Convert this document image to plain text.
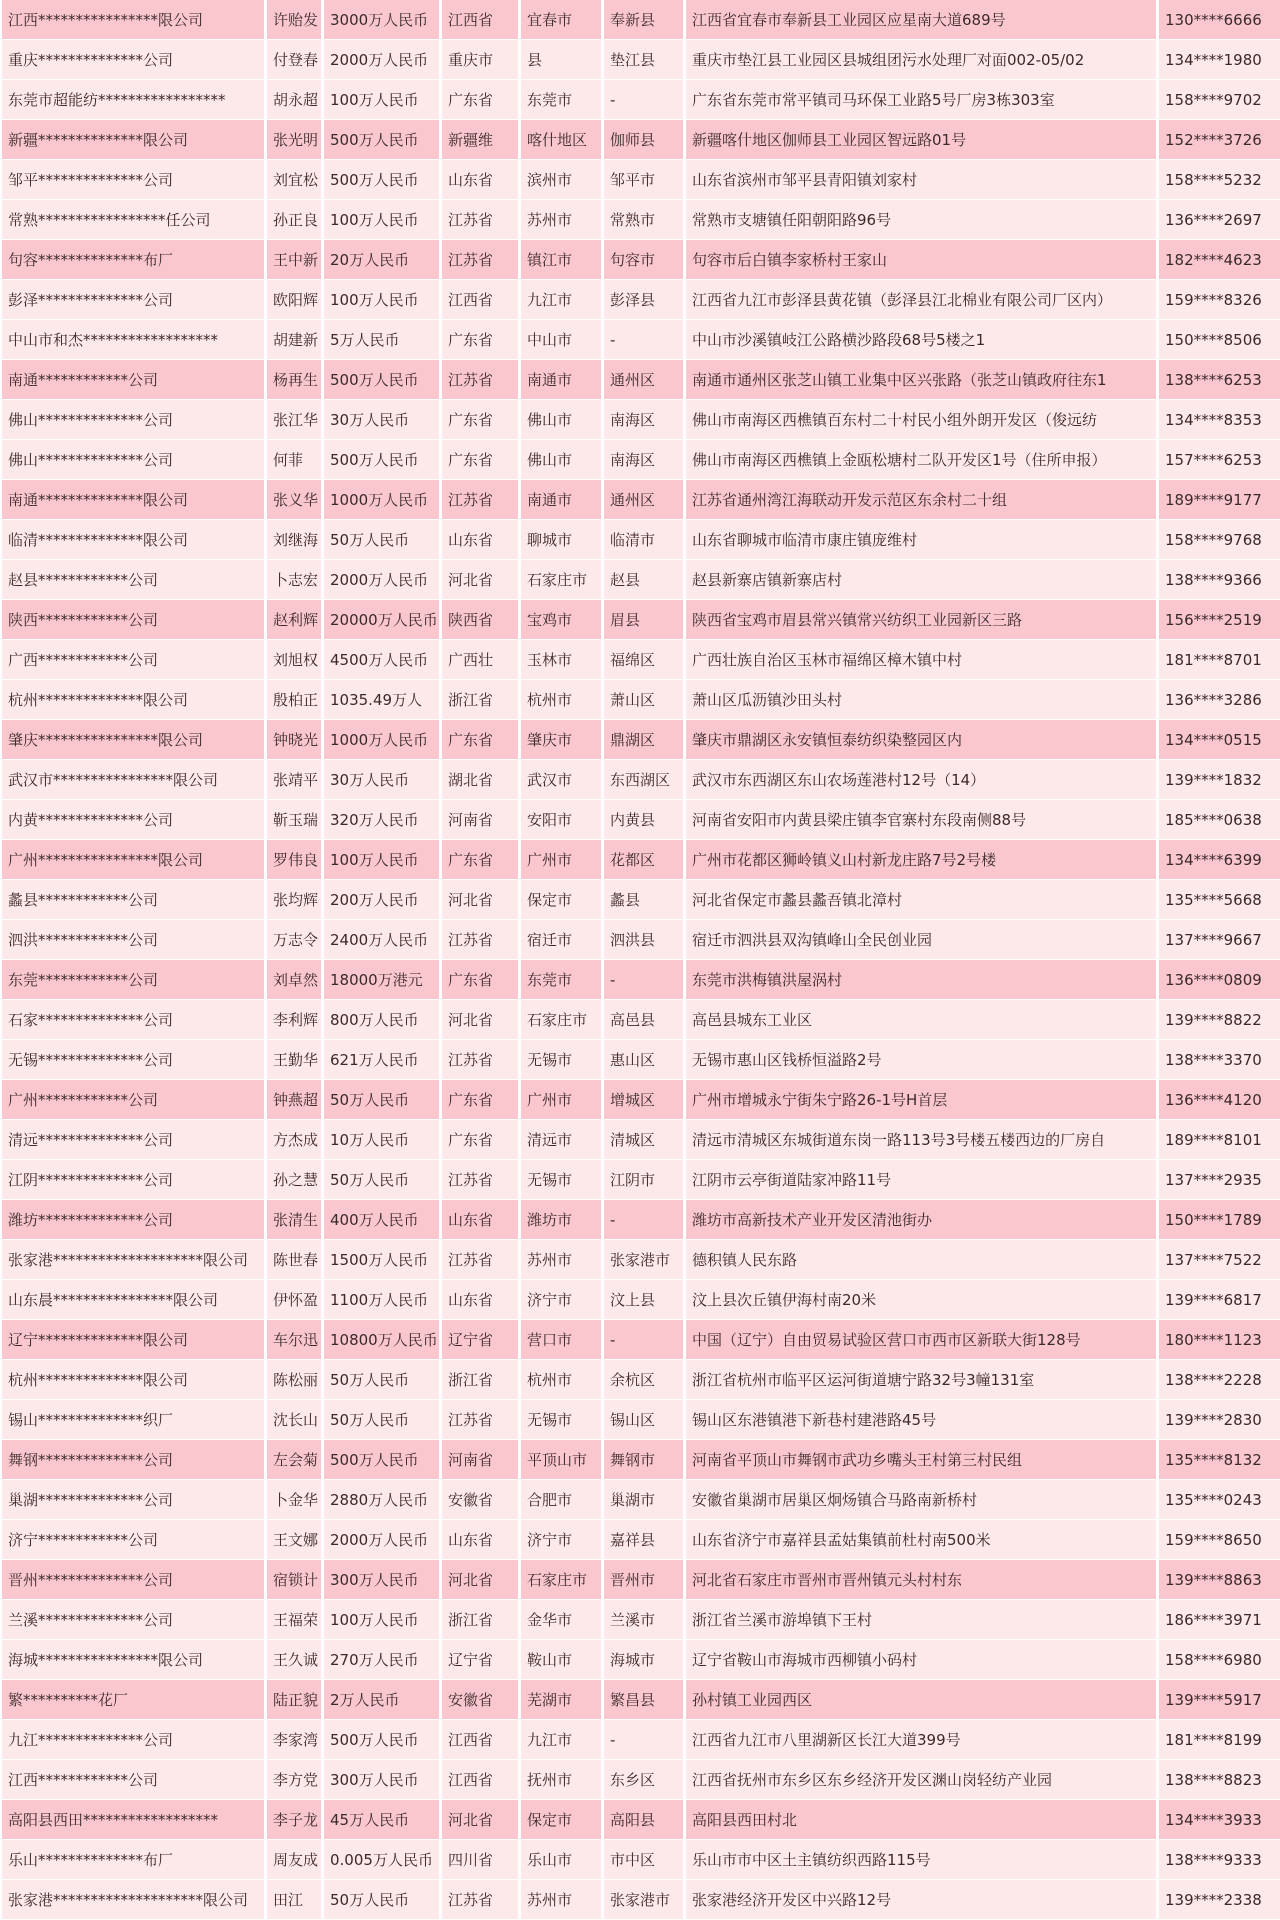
江西****************限公司	许贻发	3000万人民币	江西省	宜春市	奉新县	江西省宜春市奉新县工业园区应星南大道689号	130****6666
重庆**************公司	付登春	2000万人民币	重庆市	县	垫江县	重庆市垫江县工业园区县城组团污水处理厂对面002-05/02	134****1980
东莞市超能纺*****************	胡永超	100万人民币	广东省	东莞市	-	广东省东莞市常平镇司马环保工业路5号厂房3栋303室	158****9702
新疆**************限公司	张光明	500万人民币	新疆维	喀什地区	伽师县	新疆喀什地区伽师县工业园区智远路01号	152****3726
邹平**************公司	刘宜松	500万人民币	山东省	滨州市	邹平市	山东省滨州市邹平县青阳镇刘家村	158****5232
常熟*****************任公司	孙正良	100万人民币	江苏省	苏州市	常熟市	常熟市支塘镇任阳朝阳路96号	136****2697
句容**************布厂	王中新	20万人民币	江苏省	镇江市	句容市	句容市后白镇李家桥村王家山	182****4623
彭泽**************公司	欧阳辉	100万人民币	江西省	九江市	彭泽县	江西省九江市彭泽县黄花镇（彭泽县江北棉业有限公司厂区内）	159****8326
中山市和杰******************	胡建新	5万人民币	广东省	中山市	-	中山市沙溪镇岐江公路横沙路段68号5楼之1	150****8506
南通************公司	杨再生	500万人民币	江苏省	南通市	通州区	南通市通州区张芝山镇工业集中区兴张路（张芝山镇政府往东1	138****6253
佛山**************公司	张江华	30万人民币	广东省	佛山市	南海区	佛山市南海区西樵镇百东村二十村民小组外朗开发区（俊远纺	134****8353
佛山**************公司	何菲	500万人民币	广东省	佛山市	南海区	佛山市南海区西樵镇上金瓯松塘村二队开发区1号（住所申报）	157****6253
南通**************限公司	张义华	1000万人民币	江苏省	南通市	通州区	江苏省通州湾江海联动开发示范区东余村二十组	189****9177
临清**************限公司	刘继海	50万人民币	山东省	聊城市	临清市	山东省聊城市临清市康庄镇庞维村	158****9768
赵县************公司	卜志宏	2000万人民币	河北省	石家庄市	赵县	赵县新寨店镇新寨店村	138****9366
陕西************公司	赵利辉	20000万人民币	陕西省	宝鸡市	眉县	陕西省宝鸡市眉县常兴镇常兴纺织工业园新区三路	156****2519
广西************公司	刘旭权	4500万人民币	广西壮	玉林市	福绵区	广西壮族自治区玉林市福绵区樟木镇中村	181****8701
杭州**************限公司	殷柏正	1035.49万人	浙江省	杭州市	萧山区	萧山区瓜沥镇沙田头村	136****3286
肇庆****************限公司	钟晓光	1000万人民币	广东省	肇庆市	鼎湖区	肇庆市鼎湖区永安镇恒泰纺织染整园区内	134****0515
武汉市****************限公司	张靖平	30万人民币	湖北省	武汉市	东西湖区	武汉市东西湖区东山农场莲港村12号（14）	139****1832
内黄**************公司	靳玉瑞	320万人民币	河南省	安阳市	内黄县	河南省安阳市内黄县梁庄镇李官寨村东段南侧88号	185****0638
广州****************限公司	罗伟良	100万人民币	广东省	广州市	花都区	广州市花都区狮岭镇义山村新龙庄路7号2号楼	134****6399
蠡县************公司	张均辉	200万人民币	河北省	保定市	蠡县	河北省保定市蠡县蠡吾镇北漳村	135****5668
泗洪************公司	万志令	2400万人民币	江苏省	宿迁市	泗洪县	宿迁市泗洪县双沟镇峰山全民创业园	137****9667
东莞************公司	刘卓然	18000万港元	广东省	东莞市	-	东莞市洪梅镇洪屋涡村	136****0809
石家**************公司	李利辉	800万人民币	河北省	石家庄市	高邑县	高邑县城东工业区	139****8822
无锡**************公司	王勤华	621万人民币	江苏省	无锡市	惠山区	无锡市惠山区钱桥恒溢路2号	138****3370
广州************公司	钟燕超	50万人民币	广东省	广州市	增城区	广州市增城永宁街朱宁路26-1号H首层	136****4120
清远**************公司	方杰成	10万人民币	广东省	清远市	清城区	清远市清城区东城街道东岗一路113号3号楼五楼西边的厂房自	189****8101
江阴**************公司	孙之慧	50万人民币	江苏省	无锡市	江阴市	江阴市云亭街道陆家冲路11号	137****2935
潍坊**************公司	张清生	400万人民币	山东省	潍坊市	-	潍坊市高新技术产业开发区清池街办	150****1789
张家港********************限公司	陈世春	1500万人民币	江苏省	苏州市	张家港市	德积镇人民东路	137****7522
山东晨****************限公司	伊怀盈	1100万人民币	山东省	济宁市	汶上县	汶上县次丘镇伊海村南20米	139****6817
辽宁**************限公司	车尔迅	10800万人民币	辽宁省	营口市	-	中国（辽宁）自由贸易试验区营口市西市区新联大街128号	180****1123
杭州**************限公司	陈松丽	50万人民币	浙江省	杭州市	余杭区	浙江省杭州市临平区运河街道塘宁路32号3幢131室	138****2228
锡山**************织厂	沈长山	50万人民币	江苏省	无锡市	锡山区	锡山区东港镇港下新巷村建港路45号	139****2830
舞钢**************公司	左会菊	500万人民币	河南省	平顶山市	舞钢市	河南省平顶山市舞钢市武功乡嘴头王村第三村民组	135****8132
巢湖**************公司	卜金华	2880万人民币	安徽省	合肥市	巢湖市	安徽省巢湖市居巢区炯炀镇合马路南新桥村	135****0243
济宁************公司	王文娜	2000万人民币	山东省	济宁市	嘉祥县	山东省济宁市嘉祥县孟姑集镇前杜村南500米	159****8650
晋州**************公司	宿锁计	300万人民币	河北省	石家庄市	晋州市	河北省石家庄市晋州市晋州镇元头村村东	139****8863
兰溪**************公司	王福荣	100万人民币	浙江省	金华市	兰溪市	浙江省兰溪市游埠镇下王村	186****3971
海城****************限公司	王久诚	270万人民币	辽宁省	鞍山市	海城市	辽宁省鞍山市海城市西柳镇小码村	158****6980
繁**********花厂	陆正貌	2万人民币	安徽省	芜湖市	繁昌县	孙村镇工业园西区	139****5917
九江**************公司	李家湾	500万人民币	江西省	九江市	-	江西省九江市八里湖新区长江大道399号	181****8199
江西************公司	李方党	300万人民币	江西省	抚州市	东乡区	江西省抚州市东乡区东乡经济开发区渊山岗轻纺产业园	138****8823
高阳县西田******************	李子龙	45万人民币	河北省	保定市	高阳县	高阳县西田村北	134****3933
乐山**************布厂	周友成	0.005万人民币	四川省	乐山市	市中区	乐山市市中区土主镇纺织西路115号	138****9333
张家港********************限公司	田江	50万人民币	江苏省	苏州市	张家港市	张家港经济开发区中兴路12号	139****2338
